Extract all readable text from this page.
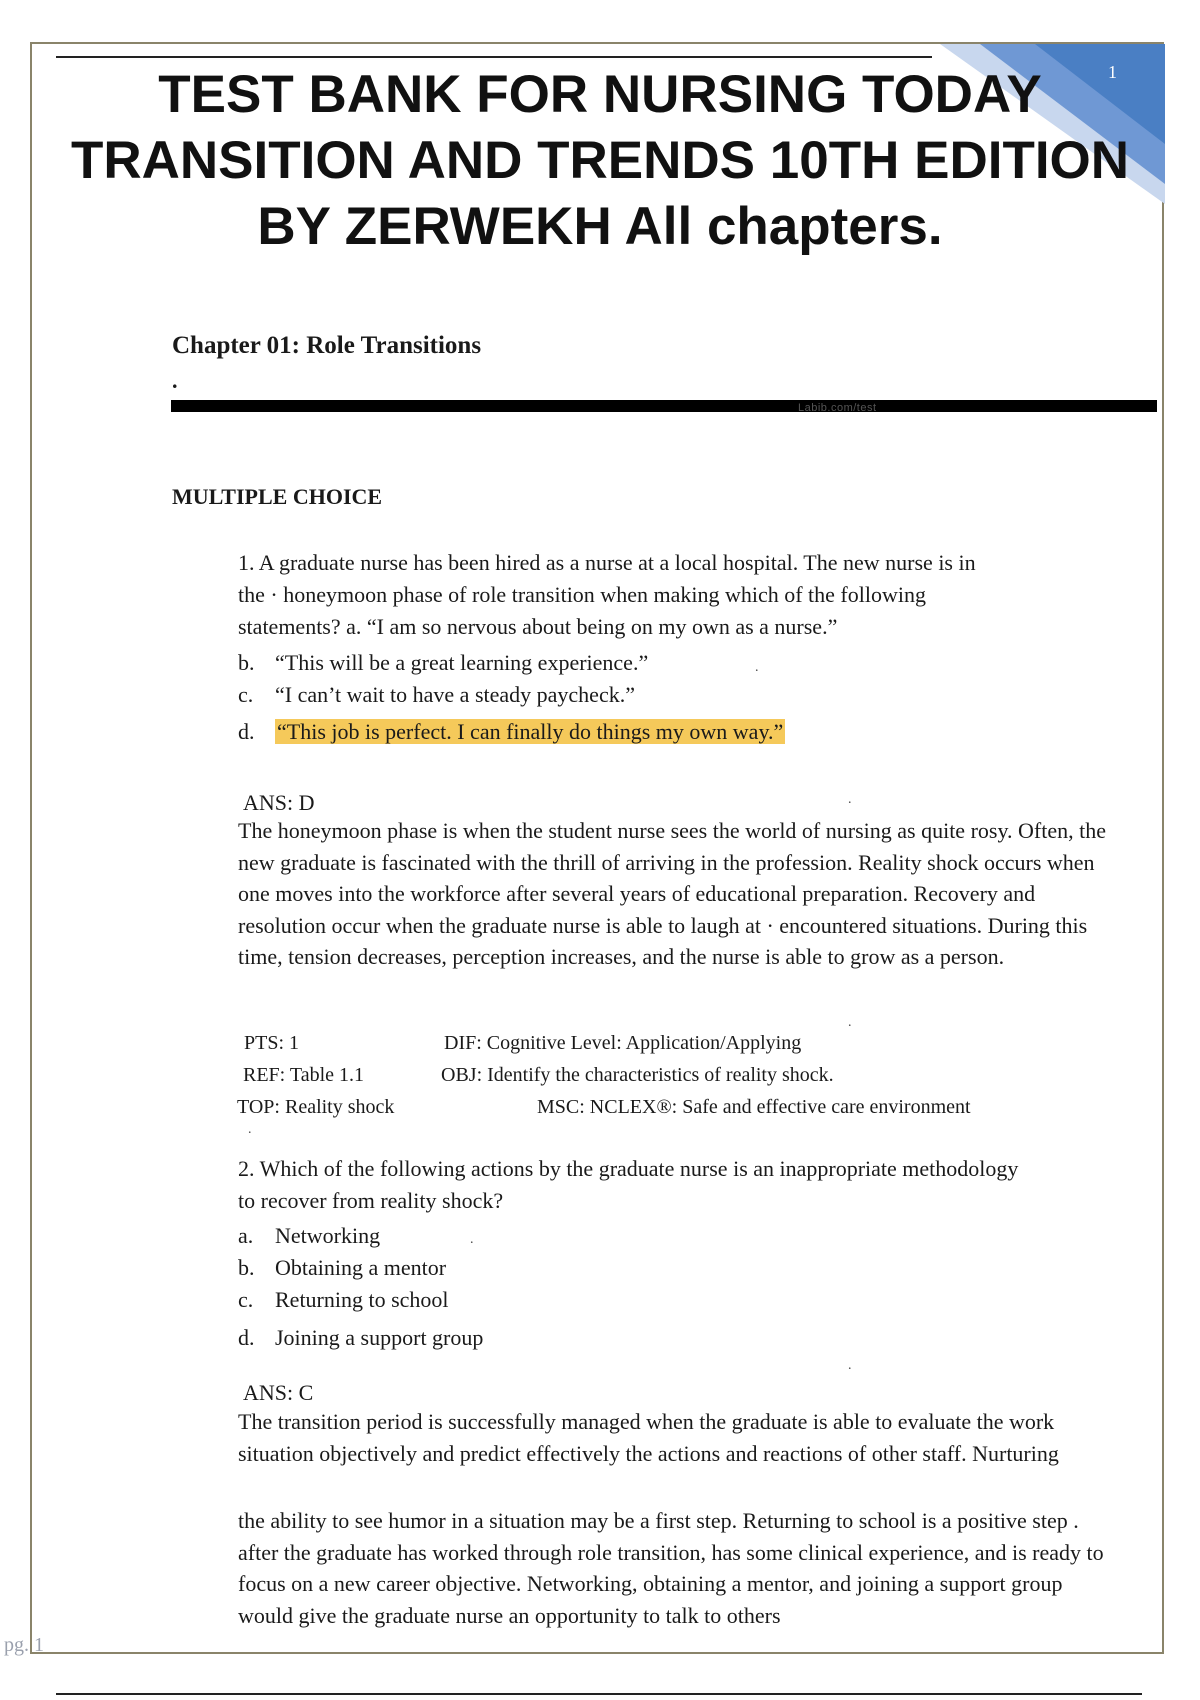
1
TEST BANK FOR NURSING TODAY
TRANSITION AND TRENDS 10TH EDITION
BY ZERWEKH All chapters.
Chapter 01: Role Transitions
.
Labib.com/test
MULTIPLE CHOICE
1. A graduate nurse has been hired as a nurse at a local hospital. The new nurse is in
the · honeymoon phase of role transition when making which of the following
statements? a. “I am so nervous about being on my own as a nurse.”
b. “This will be a great learning experience.”
c. “I can’t wait to have a steady paycheck.”
d. “This job is perfect. I can finally do things my own way.”
.
ANS: D	.

The honeymoon phase is when the student nurse sees the world of nursing as quite rosy. Often, the new graduate is fascinated with the thrill of arriving in the profession. Reality shock occurs when one moves into the workforce after several years of educational preparation. Recovery and resolution occur when the graduate nurse is able to laugh at · encountered situations. During this time, tension decreases, perception increases, and the nurse is able to grow as a person.

.
PTS: 1	DIF: Cognitive Level: Application/Applying
REF: Table 1.1	OBJ: Identify the characteristics of reality shock.
TOP: Reality shock	MSC: NCLEX®: Safe and effective care environment
.
2. Which of the following actions by the graduate nurse is an inappropriate methodology
to recover from reality shock?
a. Networking	.
b. Obtaining a mentor
c. Returning to school
d. Joining a support group
.
ANS: C

The transition period is successfully managed when the graduate is able to evaluate the work situation objectively and predict effectively the actions and reactions of other staff. Nurturing

the ability to see humor in a situation may be a first step. Returning to school is a positive step . after the graduate has worked through role transition, has some clinical experience, and is ready to focus on a new career objective. Networking, obtaining a mentor, and joining a support group would give the graduate nurse an opportunity to talk to others

pg. 1
